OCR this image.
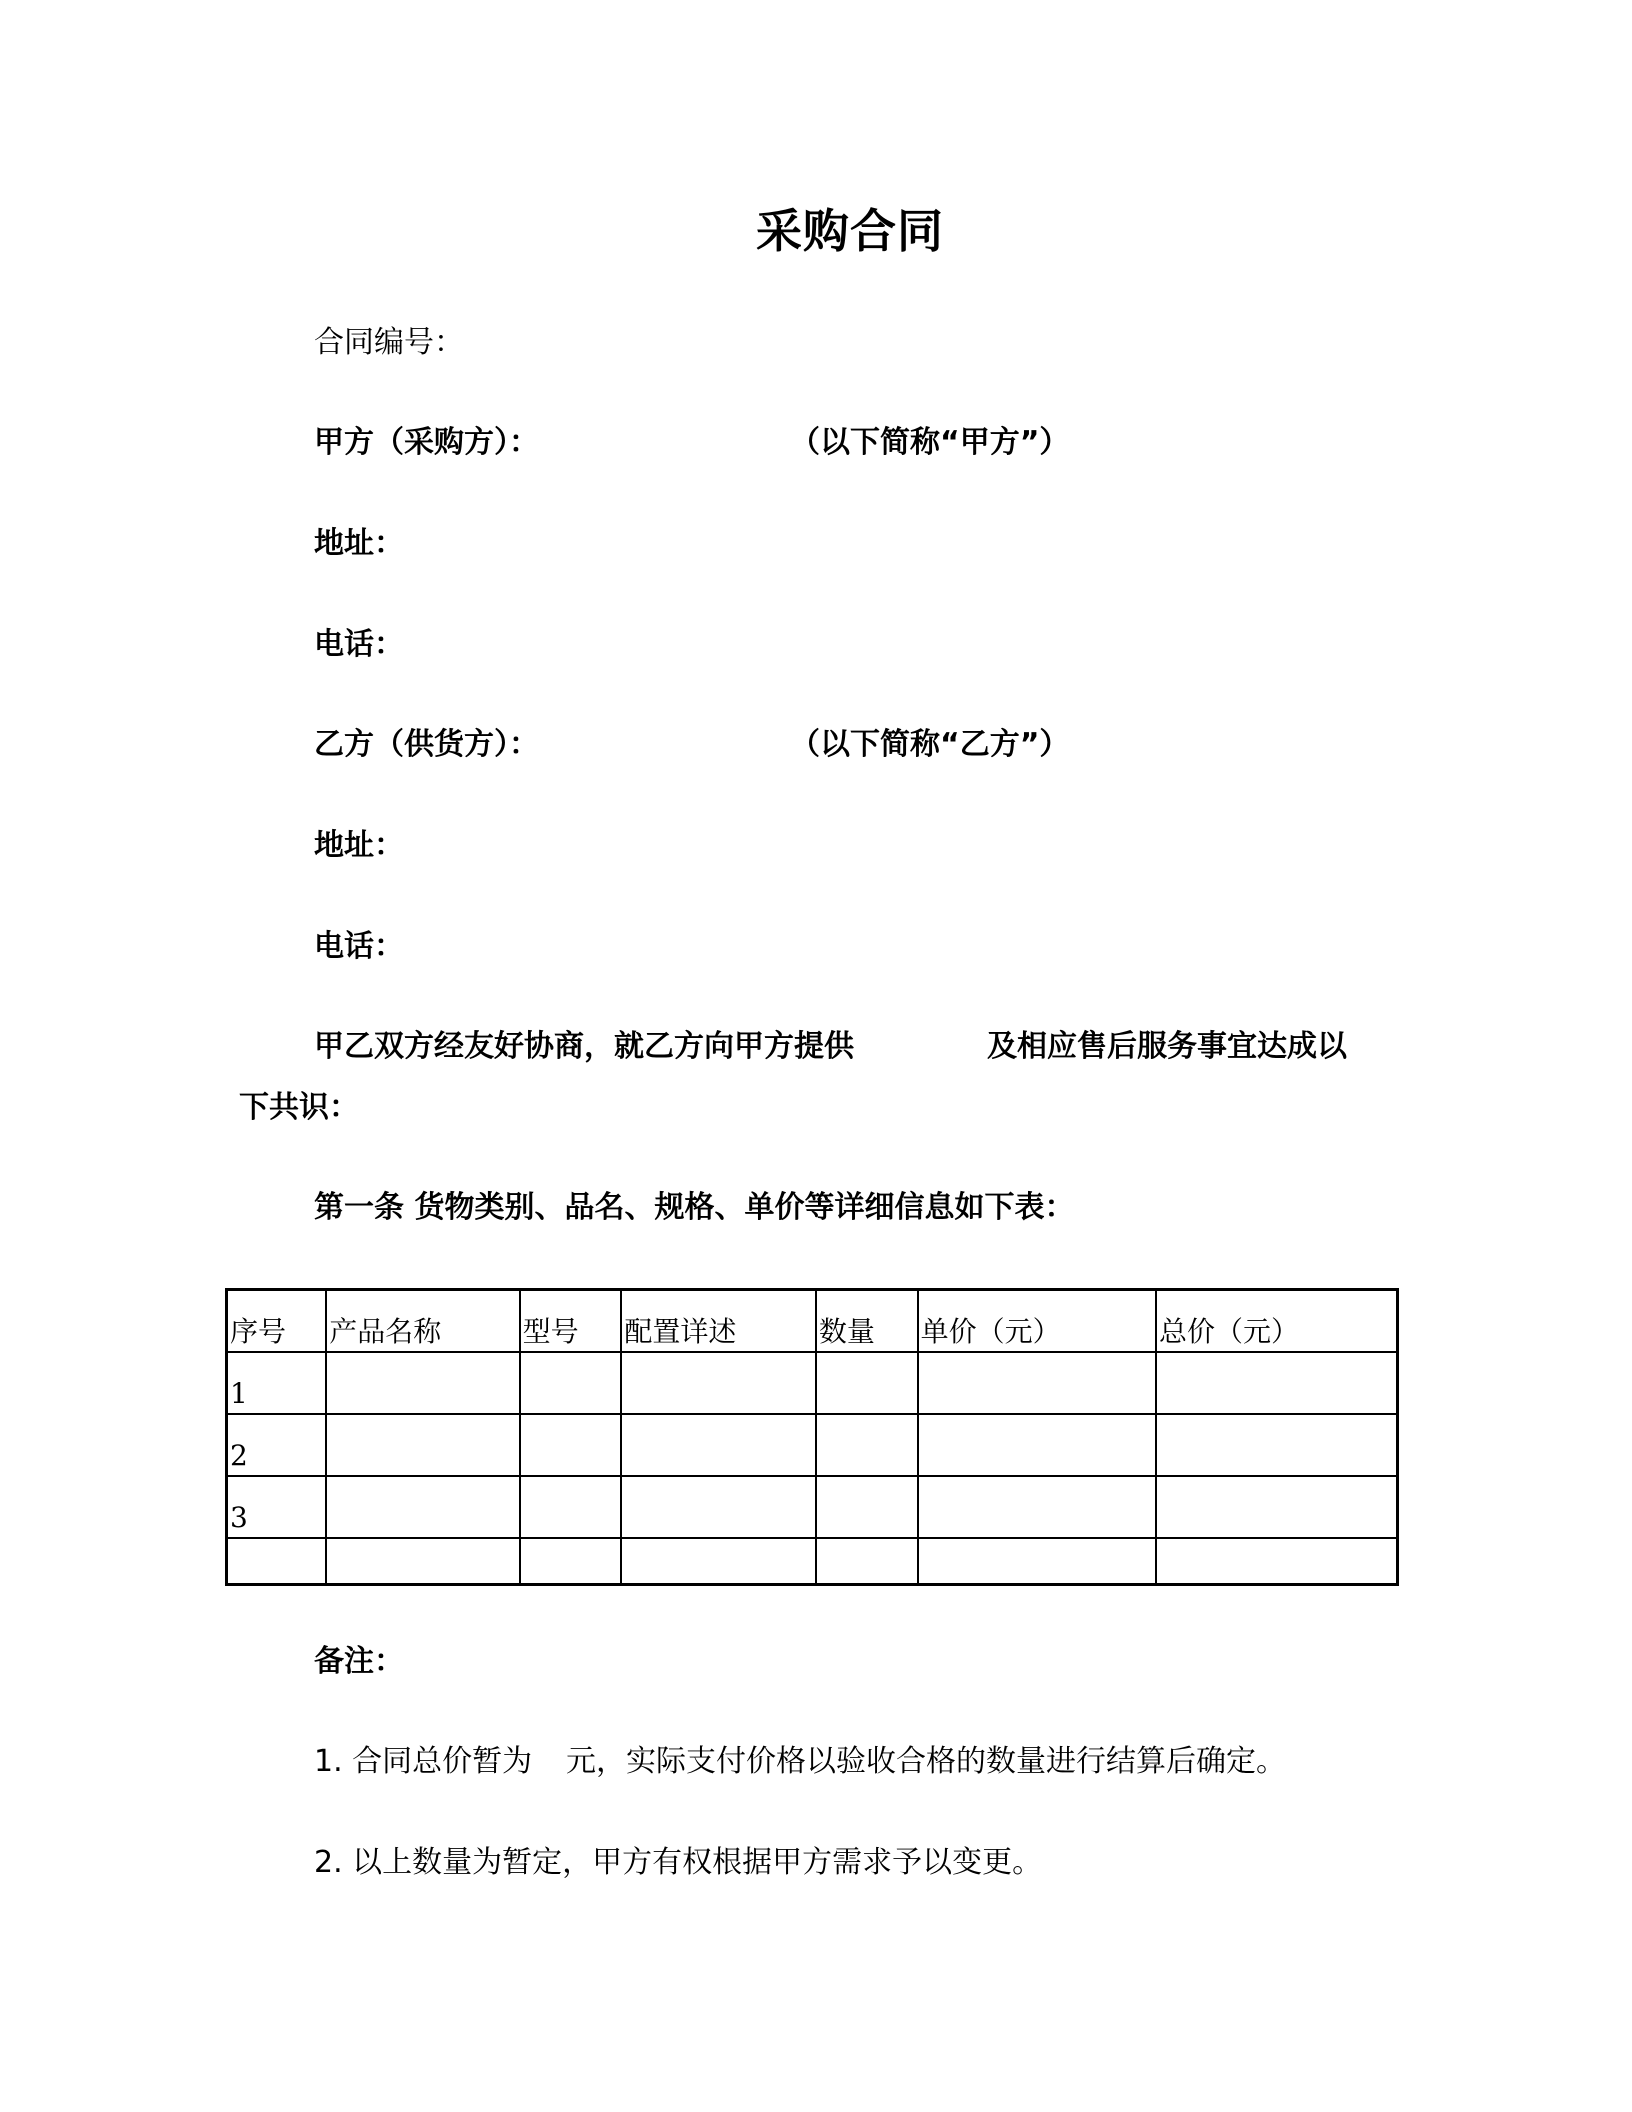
采购合同
合同编号：
甲方（采购方）：	（以下简称“甲方”）
地址：
电话：
乙方（供货方）：	（以下简称“乙方”）
地址：
电话：
甲乙双方经友好协商，就乙方向甲方提供	及相应售后服务事宜达成以
下共识：
第一条 货物类别、品名、规格、单价等详细信息如下表：
序号	产品名称	型号	配置详述	数量	单价（元）	总价（元）
1						
2						
3						

备注：
1. 合同总价暂为 元，实际支付价格以验收合格的数量进行结算后确定。
2. 以上数量为暂定，甲方有权根据甲方需求予以变更。
